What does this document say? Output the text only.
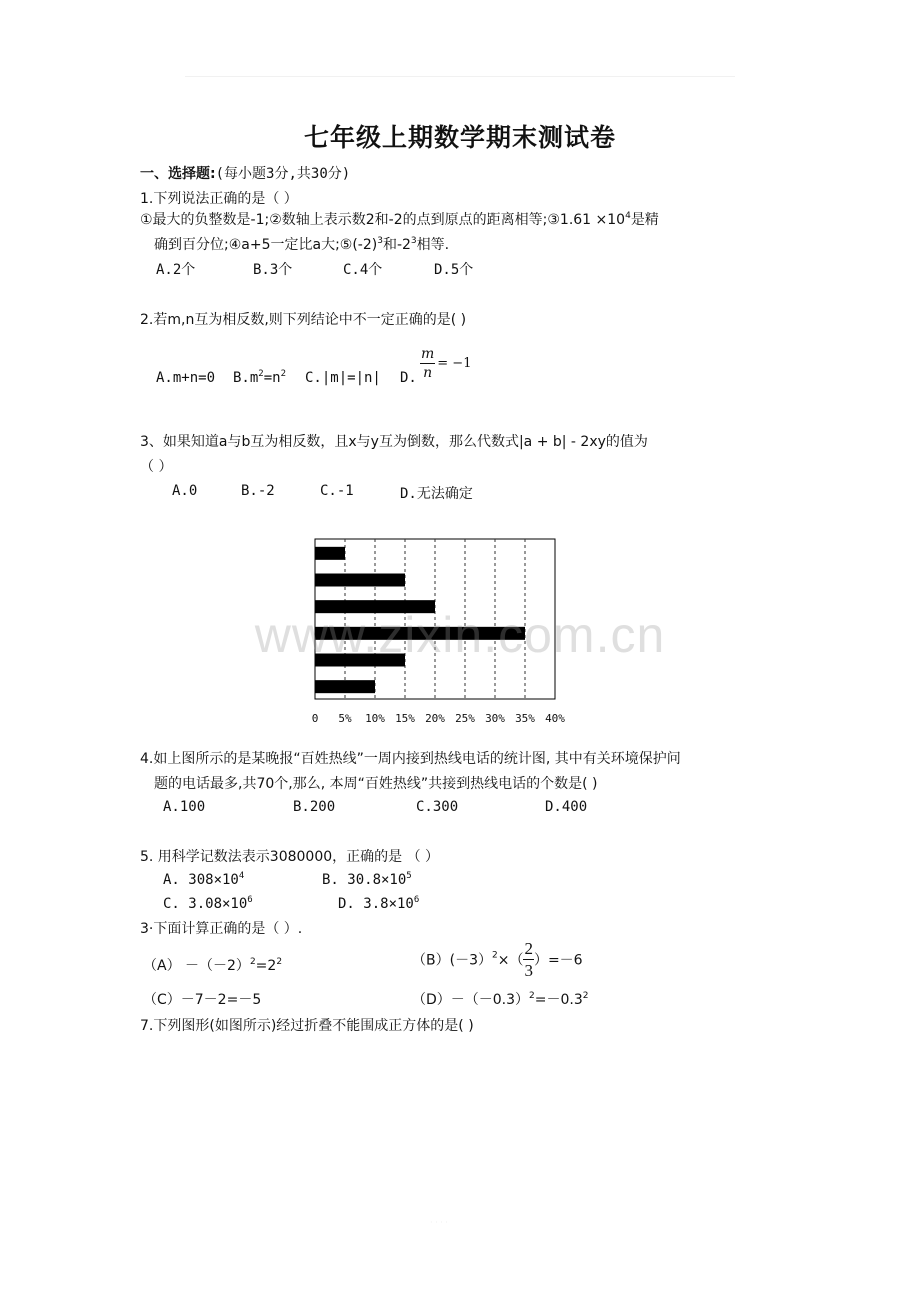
七年级上期数学期末测试卷
一、选择题:(每小题3分,共30分)
1.下列说法正确的是（ ）
①最大的负整数是-1;②数轴上表示数2和-2的点到原点的距离相等;③1.61 $\times 10^4$是精
确到百分位;④a+5一定比a大$;⑤(-2)^3$和$-2^3$相等.
A.2个	B.3个	C.4个	D.5个
2.若m,n互为相反数,则下列结论中不一定正确的是( )
A.m+n=0 $B.m^2=n^2$ C.|m|=|n| D. $\frac{m}{n} = -1$
3、如果知道a与b互为相反数，且x与y互为倒数，那么代数式|a + b| - 2xy的值为
（ ）
A.0	B.-2	C.-1	D.无法确定
0 5% 10% 15% 20% 25% 30% 35% 40%
www.zixin.com.cn
4.如上图所示的是某晚报“百姓热线”一周内接到热线电话的统计图, 其中有关环境保护问
题的电话最多,共70个,那么, 本周“百姓热线”共接到热线电话的个数是( )
A.100	B.200	C.300	D.400
5. 用科学记数法表示3080000，正确的是 （ ）
A. $308\times 10^4$	B. $30.8\times 10^5$
C. $3.08\times 10^6$	D. $3.8\times 10^6$
3·下面计算正确的是（ ）.
$(A) -(-2)^2=2^2$	$(B)(-3)^2\times( \frac{2}{3} )=-6$
（C）－7－2=－5	$(D)-(-0.3)^2=-0.3^2$
7.下列图形(如图所示)经过折叠不能围成正方体的是( )
· · · ·
